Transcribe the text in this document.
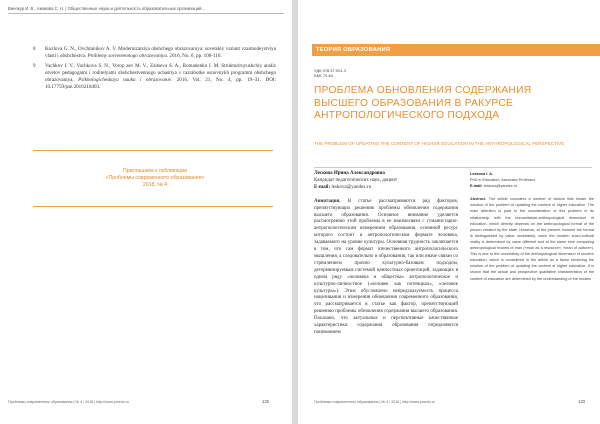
Винокур И. В., Акимова С. Н. | Общественные науки и деятельность образовательных организаций...
8 Kozlova G. N., Ovchinnikov A. V. Modernizatsiya obshchego obrazovaniya: sovetskiy variant vzaimodeystviya vlasti i obshchestva. Problemy sovremennogo obrazovaniya. 2016, No. 6, pp. 100-110.
9 Vachkov I. V., Vachkova S. N., Vorop aev M. V., Zaitseva S. A., Romanenko I. M. Strukturiruyushchiy analiz otvetov pedagogami i roditelyami obshchestvennogo uchastiya v razrabotke osnovnykh programm obshchego obrazovaniya. Psikhologicheskaya nauka i obrazovanie. 2016, Vol. 21, No. 4, pp. 19–31. DOI: 10.17759/pse.2016210403.
Приглашаем к публикации
«Проблемы современного образования»
2018, № 4
Проблемы современного образования | № 4 / 2018 | http://www.pmedu.ru	132
ТЕОРИЯ ОБРАЗОВАНИЯ
УДК 378.37:001.3
ББК 74.48
ПРОБЛЕМА ОБНОВЛЕНИЯ СОДЕРЖАНИЯ ВЫСШЕГО ОБРАЗОВАНИЯ В РАКУРСЕ АНТРОПОЛОГИЧЕСКОГО ПОДХОДА
THE PROBLEM OF UPDATING THE CONTENT OF HIGHER EDUCATION IN THE ANTHROPOLOGICAL PERSPECTIVE
Лескова Ирина Александровна
Кандидат педагогических наук, доцент
E-mail: leskova@yandex.ru
Аннотация. В статье рассматриваются ряд факторов, препятствующих решению проблемы обновления содержания высшего образования. Основное внимание уделяется рассмотрению этой проблемы в ее взаимосвязи с гуманистарно-антропологическим измерением образования, основной ресурс которого состоит в антропологическом формате человека, задаваемого на уровне культуры. Основная трудность заключается в том, что сам формат отечественного антропологического мышления, а следовательно и образования, так или иначе связан со стремлением прочно культурно-базовым подходом, детерминируемым системой ценностных ориентаций, задающих в одном ряду «человека и общества» антропологическое и культурно-личностное («человек как потенциал», «человек культуры»). Этим обусловлено непредсказуемость процесса нацеливания и измерения обновления современного образования, что рассматривается в статье как фактор, препятствующий решению проблемы обновления содержания высшего образования. Показано, что актуальные и перспективные качественные характеристики содержания образования определяются пониманием
Leskova I. A.
PhD in Education, Associate Professor
E-mail: leskova@yandex.ru
Abstract. The article considers a number of factors that hinder the solution of the problem of updating the content of higher education. The main attention is paid to the consideration of this problem in its relationship with the humanitarian-anthropological dimension of education, which directly depends on the anthropological format of the person created by the state. However, at the present moment the format is distinguished by value uncertainty, since the modern socio-cultural reality is determined by value different and at the same time competing anthropological models of man («man as a resource», «man of culture»). This is due to the uncertainty of the anthropological dimension of modern education, which is considered in the article as a factor hindering the solution of the problem of updating the content of higher education. It is shown that the actual and prospective qualitative characteristics of the content of education are determined by the understanding of the models
Проблемы современного образования | № 4 / 2018 | http://www.pmedu.ru	133
